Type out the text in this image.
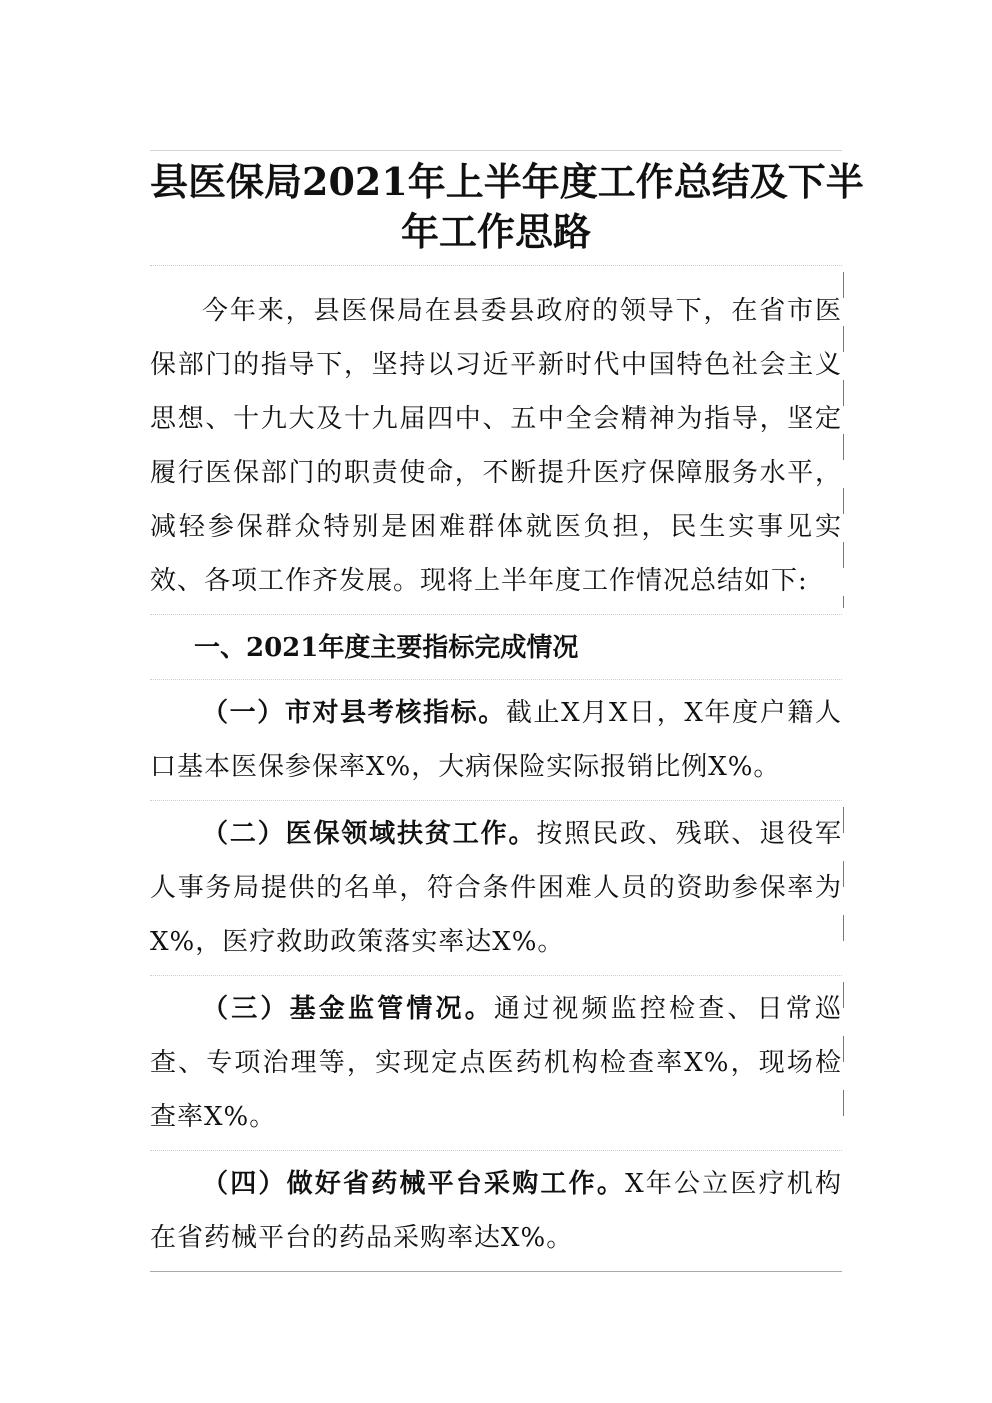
县医保局2021年上半年度工作总结及下半
年工作思路

今年来，县医保局在县委县政府的领导下，在省市医保部门的指导下，坚持以习近平新时代中国特色社会主义思想、十九大及十九届四中、五中全会精神为指导，坚定履行医保部门的职责使命，不断提升医疗保障服务水平，减轻参保群众特别是困难群体就医负担，民生实事见实效、各项工作齐发展。现将上半年度工作情况总结如下:

一、2021年度主要指标完成情况

（一）市对县考核指标。截止X月X日，X年度户籍人口基本医保参保率X%，大病保险实际报销比例X%。

（二）医保领域扶贫工作。按照民政、残联、退役军人事务局提供的名单，符合条件困难人员的资助参保率为X%，医疗救助政策落实率达X%。

（三）基金监管情况。通过视频监控检查、日常巡查、专项治理等，实现定点医药机构检查率X%，现场检查率X%。

（四）做好省药械平台采购工作。X年公立医疗机构在省药械平台的药品采购率达X%。
